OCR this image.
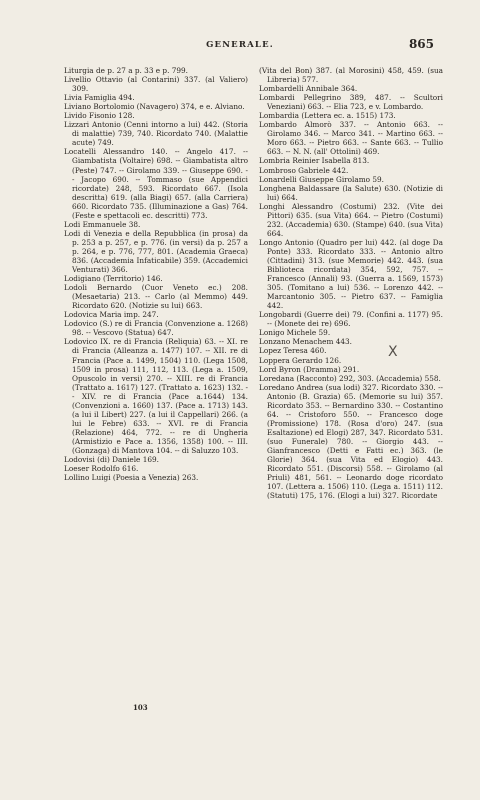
GENERALE.	865

Liturgia de p. 27 a p. 33 e p. 799.

Livellio Ottavio (al Contarini) 337. (al Valiero) 309.

Livia Famiglia 494.

Liviano Bortolomio (Navagero) 374, e e. Alviano.

Livido Fisonio 128.

Lizzari Antonio (Cenni intorno a lui) 442. (Storia di malattie) 739, 740. Ricordato 740. (Malattie acute) 749.

Locatelli Alessandro 140. -- Angelo 417. -- Giambatista (Voltaire) 698. -- Giambatista altro (Peste) 747. -- Girolamo 339. -- Giuseppe 690. -- Jacopo 690. -- Tommaso (sue Appendici ricordate) 248, 593. Ricordato 667. (Isola descritta) 619. (alla Biagi) 657. (alla Carriera) 660. Ricordato 735. (Illuminazione a Gas) 764. (Feste e spettacoli ec. descritti) 773.

Lodi Emmanuele 38.

Lodi di Venezia e della Repubblica (in prosa) da p. 253 a p. 257, e p. 776. (in versi) da p. 257 a p. 264, e p. 776, 777, 801. (Academia Graeca) 836. (Accademia Infaticabile) 359. (Accademici Venturati) 366.

Lodigiano (Territorio) 146.

Lodoli Bernardo (Cuor Veneto ec.) 208. (Mesaetaria) 213. -- Carlo (al Memmo) 449. Ricordato 620. (Notizie su lui) 663.

Lodovica Maria imp. 247.

Lodovico (S.) re di Francia (Convenzione a. 1268) 98. -- Vescovo (Statua) 647.

Lodovico IX. re di Francia (Reliquia) 63. -- XI. re di Francia (Alleanza a. 1477) 107. -- XII. re di Francia (Pace a. 1499, 1504) 110. (Lega 1508, 1509 in prosa) 111, 112, 113. (Lega a. 1509, Opuscolo in versi) 270. -- XIII. re di Francia (Trattato a. 1617) 127. (Trattato a. 1623) 132. -- XIV. re di Francia (Pace a.1644) 134. (Convenzioni a. 1660) 137. (Pace a. 1713) 143. (a lui il Libert) 227. (a lui il Cappellari) 266. (a lui le Febre) 633. -- XVI. re di Francia (Relazione) 464, 772. -- re di Ungheria (Armistizio e Pace a. 1356, 1358) 100. -- III. (Gonzaga) di Mantova 104. -- di Saluzzo 103.

Lodovisi (di) Daniele 169.

Loeser Rodolfo 616.

Lollino Luigi (Poesia a Venezia) 263.

(Vita del Bon) 387. (al Morosini) 458, 459. (sua Libreria) 577.

Lombardelli Annibale 364.

Lombardi Pellegrino 389, 487. -- Scultori Veneziani) 663. -- Elia 723, e v. Lombardo.

Lombardia (Lettera ec. a. 1515) 173.

Lombardo Almorò 337. -- Antonio 663. -- Girolamo 346. -- Marco 341. -- Martino 663. -- Moro 663. -- Pietro 663. -- Sante 663. -- Tullio 663. -- N. N. (all' Ottolini) 469.

Lombria Reinier Isabella 813.

Lombroso Gabriele 442.

Lonardelli Giuseppe Girolamo 59.

Longhena Baldassare (la Salute) 630. (Notizie di lui) 664.

Longhi Alessandro (Costumi) 232. (Vite dei Pittori) 635. (sua Vita) 664. -- Pietro (Costumi) 232. (Accademia) 630. (Stampe) 640. (sua Vita) 664.

Longo Antonio (Quadro per lui) 442. (al doge Da Ponte) 333. Ricordato 333. -- Antonio altro (Cittadini) 313. (sue Memorie) 442. 443. (sua Biblioteca ricordata) 354, 592, 757. -- Francesco (Annali) 93. (Guerra a. 1569, 1573) 305. (Tomitano a lui) 536. -- Lorenzo 442. -- Marcantonio 305. -- Pietro 637. -- Famiglia 442.

Longobardi (Guerre dei) 79. (Confini a. 1177) 95. -- (Monete dei re) 696.

Lonigo Michele 59.

Lonzano Menachem 443.

Lopez Teresa 460.

Loppera Gerardo 126.

Lord Byron (Dramma) 291.

Loredana (Racconto) 292, 303. (Accademia) 558.

Loredano Andrea (sua lodi) 327. Ricordato 330. -- Antonio (B. Grazia) 65. (Memorie su lui) 357. Ricordato 353. -- Bernardino 330. -- Costantino 64. -- Cristoforo 550. -- Francesco doge (Promissione) 178. (Rosa d'oro) 247. (sua Esaltazione) ed Elogi) 287, 347. Ricordato 531. (suo Funerale) 780. -- Giorgio 443. -- Gianfrancesco (Detti e Fatti ec.) 363. (le Glorie) 364. (sua Vita ed Elogio) 443. Ricordato 551. (Discorsi) 558. -- Girolamo (al Priuli) 481, 561. -- Leonardo doge ricordato 107. (Lettera a. 1506) 110. (Lega a. 1511) 112. (Statuti) 175, 176. (Elogi a lui) 327. Ricordate

X
103
